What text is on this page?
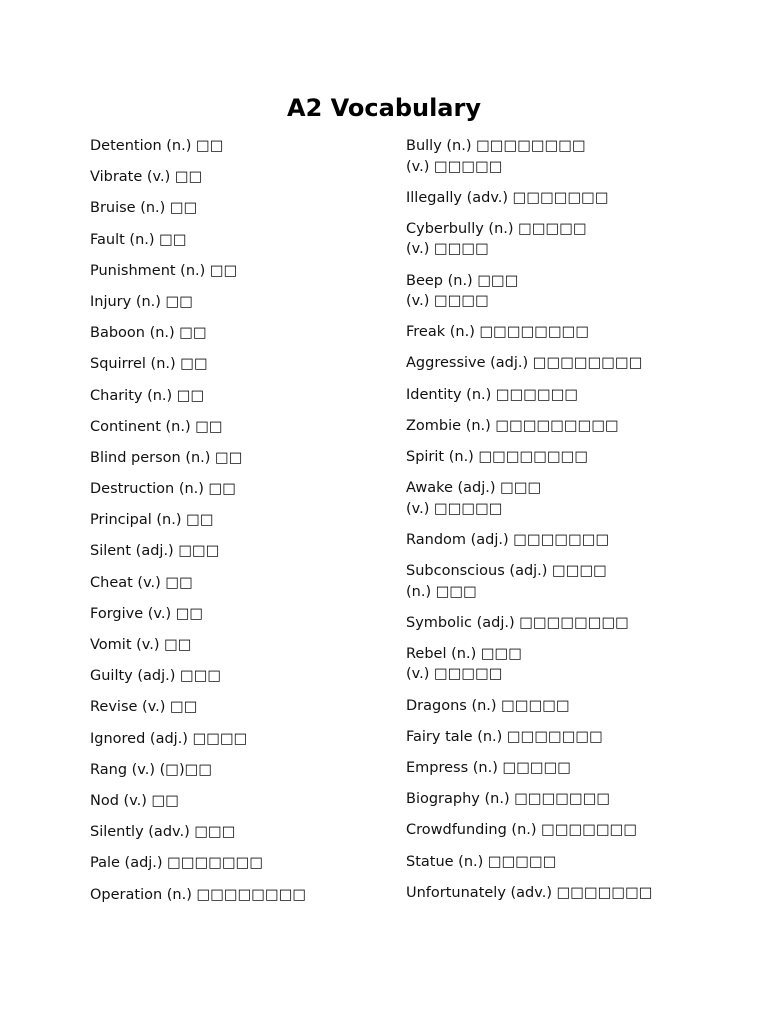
A2 Vocabulary
Detention (n.) □□
Vibrate (v.) □□
Bruise (n.) □□
Fault (n.) □□
Punishment (n.) □□
Injury (n.) □□
Baboon (n.) □□
Squirrel (n.) □□
Charity (n.) □□
Continent (n.) □□
Blind person (n.) □□
Destruction (n.) □□
Principal (n.) □□
Silent (adj.) □□□
Cheat (v.) □□
Forgive (v.) □□
Vomit (v.) □□
Guilty (adj.) □□□
Revise (v.) □□
Ignored (adj.) □□□□
Rang (v.) (□)□□
Nod (v.) □□
Silently (adv.) □□□
Pale (adj.) □□□□□□□
Operation (n.) □□□□□□□□
Bully (n.) □□□□□□□□
(v.) □□□□□
Illegally (adv.) □□□□□□□
Cyberbully (n.) □□□□□
(v.) □□□□
Beep (n.) □□□
(v.) □□□□
Freak (n.) □□□□□□□□
Aggressive (adj.) □□□□□□□□
Identity (n.) □□□□□□
Zombie (n.) □□□□□□□□□
Spirit (n.) □□□□□□□□
Awake (adj.) □□□
(v.) □□□□□
Random (adj.) □□□□□□□
Subconscious (adj.) □□□□
(n.) □□□
Symbolic (adj.) □□□□□□□□
Rebel (n.) □□□
(v.) □□□□□
Dragons (n.) □□□□□
Fairy tale (n.) □□□□□□□
Empress (n.) □□□□□
Biography (n.) □□□□□□□
Crowdfunding (n.) □□□□□□□
Statue (n.) □□□□□
Unfortunately (adv.) □□□□□□□
